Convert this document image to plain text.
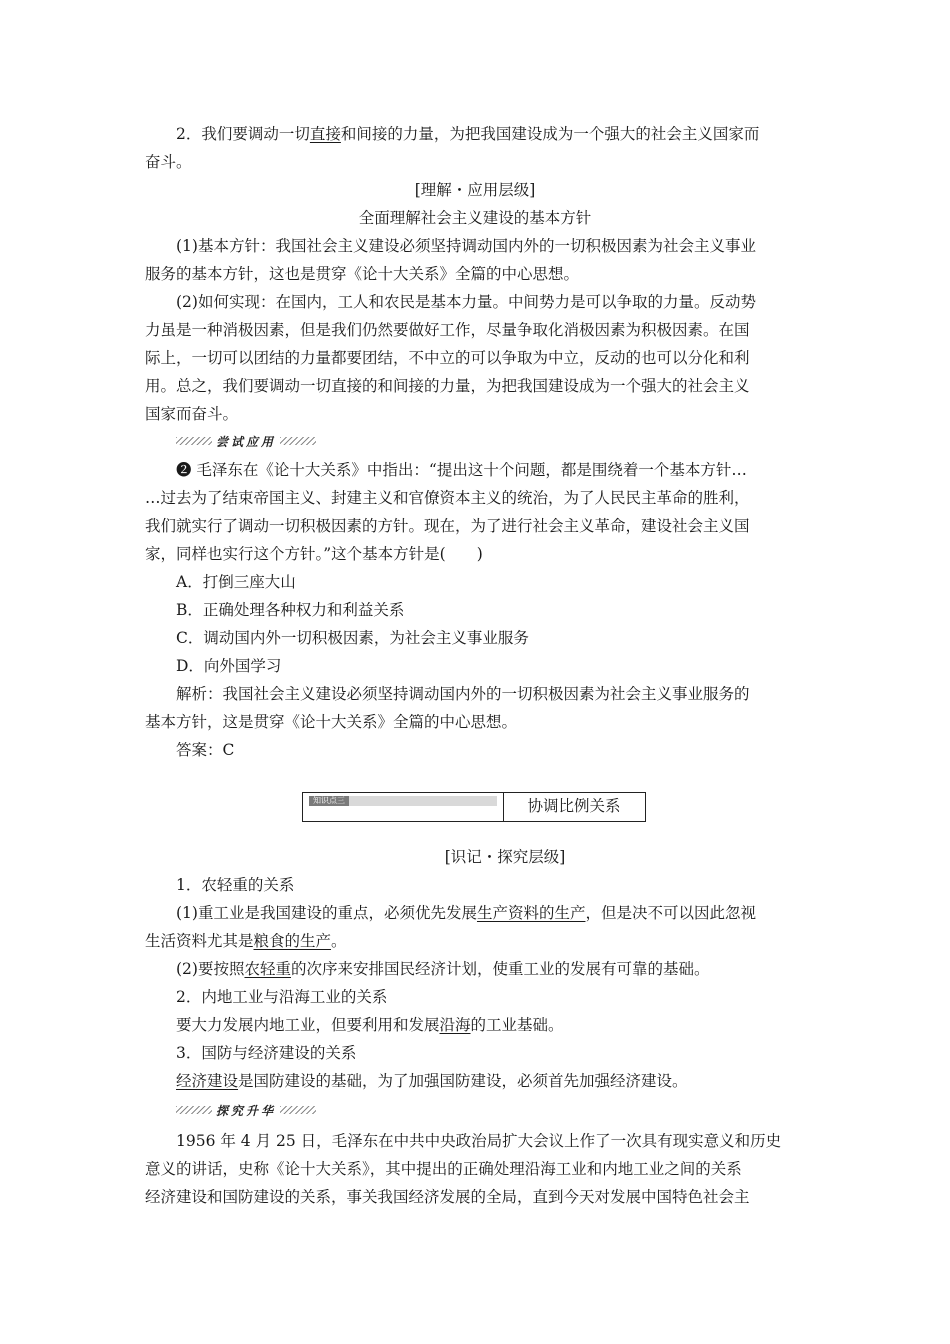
2．我们要调动一切直接和间接的力量，为把我国建设成为一个强大的社会主义国家而
奋斗。
[理解・应用层级]
全面理解社会主义建设的基本方针
(1)基本方针：我国社会主义建设必须坚持调动国内外的一切积极因素为社会主义事业
服务的基本方针，这也是贯穿《论十大关系》全篇的中心思想。
(2)如何实现：在国内，工人和农民是基本力量。中间势力是可以争取的力量。反动势
力虽是一种消极因素，但是我们仍然要做好工作，尽量争取化消极因素为积极因素。在国
际上，一切可以团结的力量都要团结，不中立的可以争取为中立，反动的也可以分化和利
用。总之，我们要调动一切直接的和间接的力量，为把我国建设成为一个强大的社会主义
国家而奋斗。
尝试应用
❷ 毛泽东在《论十大关系》中指出：“提出这十个问题，都是围绕着一个基本方针…
…过去为了结束帝国主义、封建主义和官僚资本主义的统治，为了人民民主革命的胜利，
我们就实行了调动一切积极因素的方针。现在，为了进行社会主义革命，建设社会主义国
家，同样也实行这个方针。”这个基本方针是(　　)
A．打倒三座大山
B．正确处理各种权力和利益关系
C．调动国内外一切积极因素，为社会主义事业服务
D．向外国学习
解析：我国社会主义建设必须坚持调动国内外的一切积极因素为社会主义事业服务的
基本方针，这是贯穿《论十大关系》全篇的中心思想。
答案：C
知识点三	协调比例关系
[识记・探究层级]
1．农轻重的关系
(1)重工业是我国建设的重点，必须优先发展生产资料的生产，但是决不可以因此忽视
生活资料尤其是粮食的生产。
(2)要按照农轻重的次序来安排国民经济计划，使重工业的发展有可靠的基础。
2．内地工业与沿海工业的关系
要大力发展内地工业，但要利用和发展沿海的工业基础。
3．国防与经济建设的关系
经济建设是国防建设的基础，为了加强国防建设，必须首先加强经济建设。
探究升华
1956 年 4 月 25 日，毛泽东在中共中央政治局扩大会议上作了一次具有现实意义和历史
意义的讲话，史称《论十大关系》，其中提出的正确处理沿海工业和内地工业之间的关系
经济建设和国防建设的关系，事关我国经济发展的全局，直到今天对发展中国特色社会主
